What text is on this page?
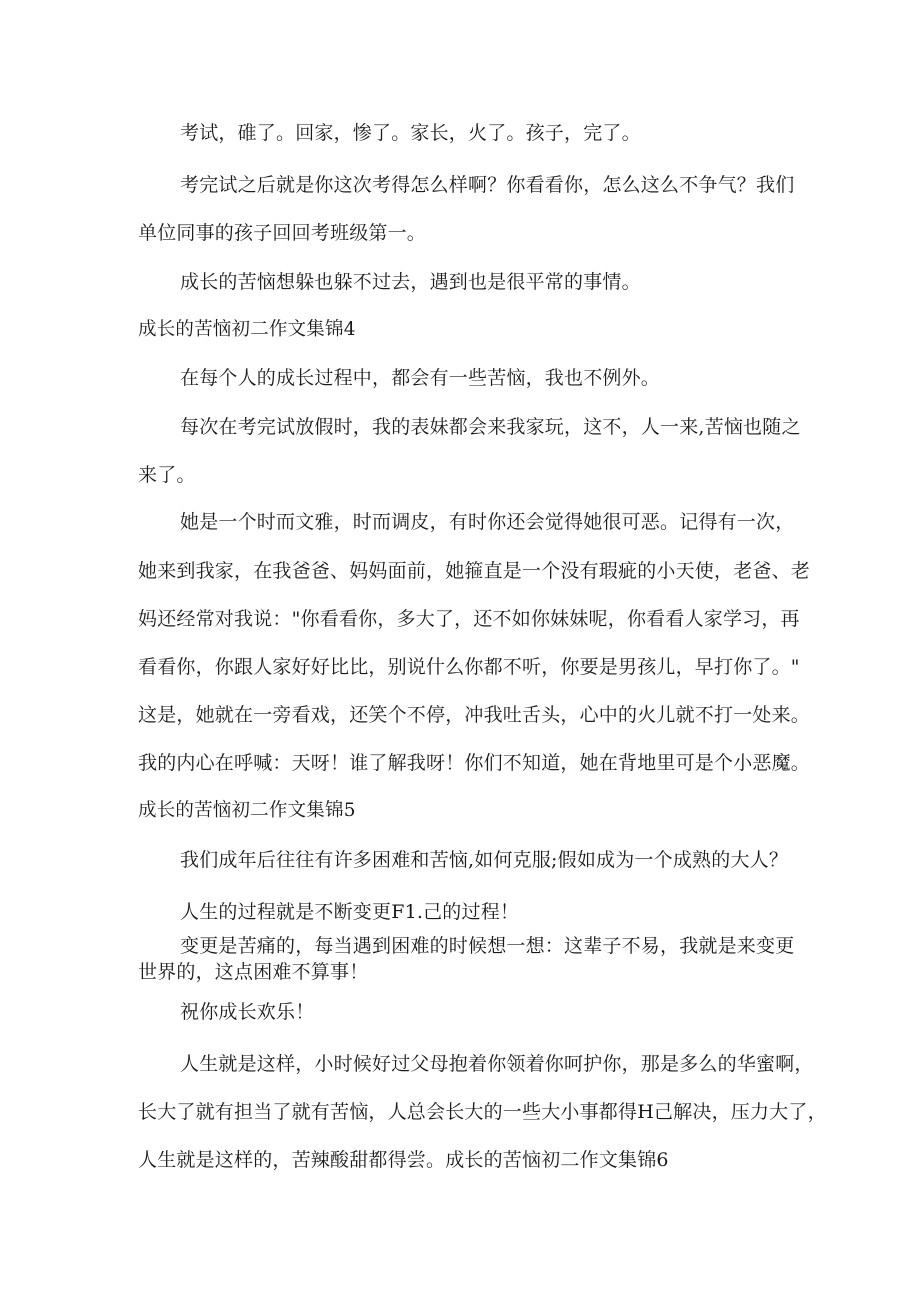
考试，碓了。回家，惨了。家长，火了。孩子，完了。

考完试之后就是你这次考得怎么样啊？你看看你，怎么这么不争气？我们

单位同事的孩子回回考班级第一。

成长的苦恼想躲也躲不过去，遇到也是很平常的事情。

成长的苦恼初二作文集锦4

在每个人的成长过程中，都会有一些苦恼，我也不例外。

每次在考完试放假时，我的表妹都会来我家玩，这不，人一来,苦恼也随之

来了。

她是一个时而文雅，时而调皮，有时你还会觉得她很可恶。记得有一次，

她来到我家，在我爸爸、妈妈面前，她箍直是一个没有瑕疵的小天使，老爸、老

妈还经常对我说："你看看你，多大了，还不如你妹妹呢，你看看人家学习，再

看看你，你跟人家好好比比，别说什么你都不听，你要是男孩儿，早打你了。"

这是，她就在一旁看戏，还笑个不停，冲我吐舌头，心中的火儿就不打一处来。

我的内心在呼喊：天呀！谁了解我呀！你们不知道，她在背地里可是个小恶魔。

成长的苦恼初二作文集锦5

我们成年后往往有许多困难和苦恼,如何克服;假如成为一个成熟的大人？

人生的过程就是不断变更F1.己的过程！

变更是苦痛的，每当遇到困难的时候想一想：这辈子不易，我就是来变更

世界的，这点困难不算事！

祝你成长欢乐！

人生就是这样，小时候好过父母抱着你领着你呵护你，那是多么的华蜜啊，

长大了就有担当了就有苦恼，人总会长大的一些大小事都得H己解决，压力大了，

人生就是这样的，苦辣酸甜都得尝。成长的苦恼初二作文集锦6
